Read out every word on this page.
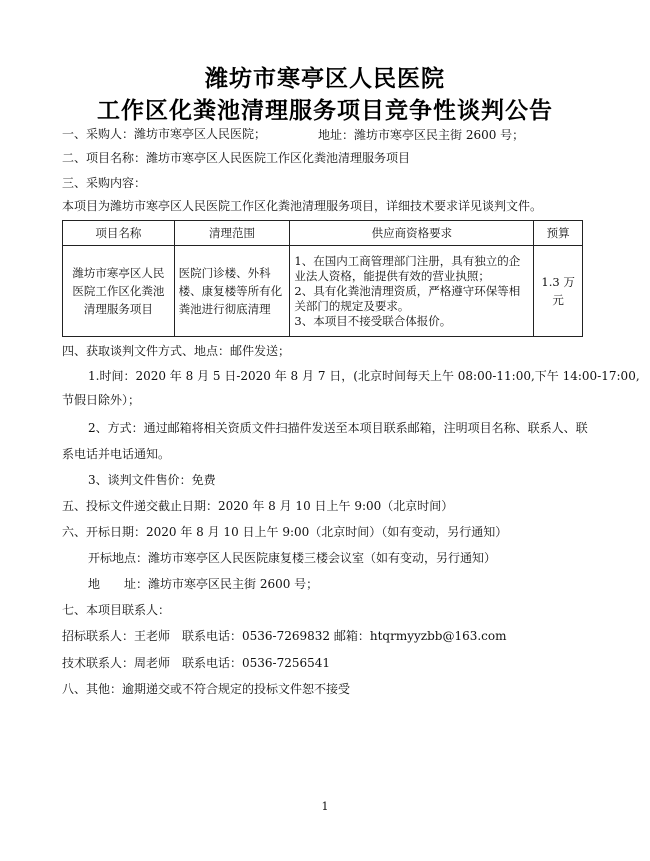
潍坊市寒亭区人民医院
工作区化粪池清理服务项目竞争性谈判公告
一、采购人：潍坊市寒亭区人民医院；	地址：潍坊市寒亭区民主街 2600 号；
二、项目名称：潍坊市寒亭区人民医院工作区化粪池清理服务项目
三、采购内容：
本项目为潍坊市寒亭区人民医院工作区化粪池清理服务项目，详细技术要求详见谈判文件。
项目名称	清理范围	供应商资格要求	预算
潍坊市寒亭区人民医院工作区化粪池清理服务项目	医院门诊楼、外科楼、康复楼等所有化粪池进行彻底清理	1、在国内工商管理部门注册，具有独立的企业法人资格，能提供有效的营业执照；
2、具有化粪池清理资质，严格遵守环保等相关部门的规定及要求。
3、本项目不接受联合体报价。	1.3 万元
四、获取谈判文件方式、地点：邮件发送；
1.时间：2020 年 8 月 5 日-2020 年 8 月 7 日，(北京时间每天上午 08:00-11:00,下午 14:00-17:00,
节假日除外）；
2、方式：通过邮箱将相关资质文件扫描件发送至本项目联系邮箱，注明项目名称、联系人、联
系电话并电话通知。
3、谈判文件售价：免费
五、投标文件递交截止日期：2020 年 8 月 10 日上午 9:00（北京时间）
六、开标日期：2020 年 8 月 10 日上午 9:00（北京时间）（如有变动，另行通知）
开标地点：潍坊市寒亭区人民医院康复楼三楼会议室（如有变动，另行通知）
地　　址：潍坊市寒亭区民主街 2600 号；
七、本项目联系人：
招标联系人：王老师　联系电话：0536-7269832 邮箱：htqrmyyzbb@163.com
技术联系人：周老师　联系电话：0536-7256541
八、其他：逾期递交或不符合规定的投标文件恕不接受
1
